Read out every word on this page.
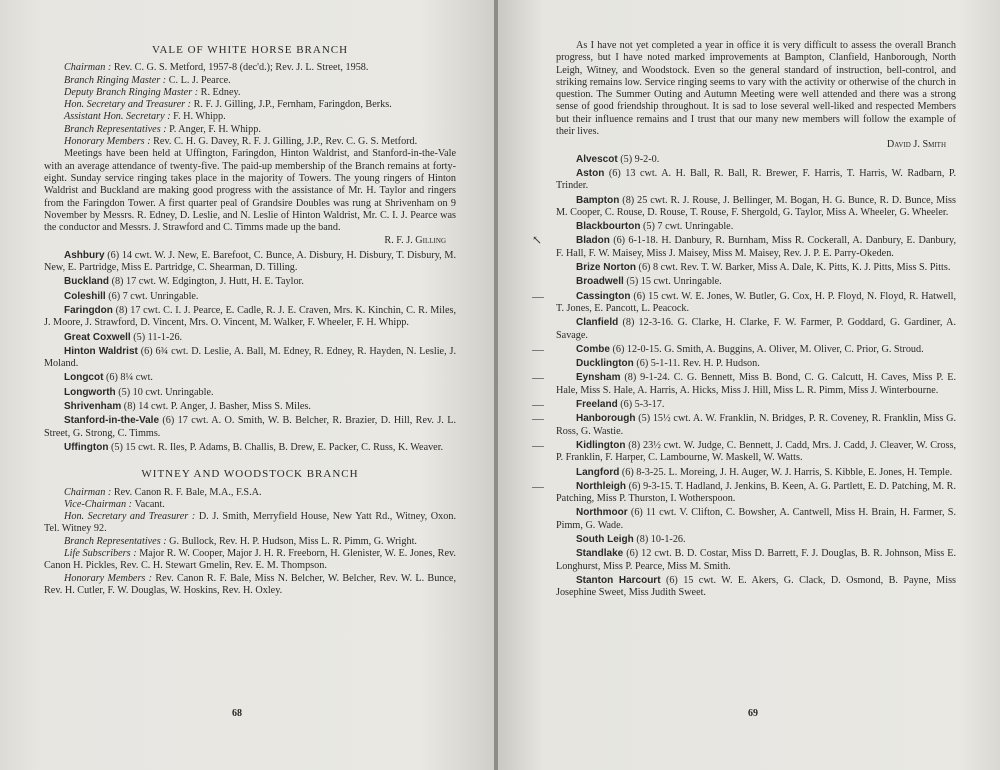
VALE OF WHITE HORSE BRANCH

Chairman : Rev. C. G. S. Metford, 1957-8 (dec'd.); Rev. J. L. Street, 1958.

Branch Ringing Master : C. L. J. Pearce.

Deputy Branch Ringing Master : R. Edney.

Hon. Secretary and Treasurer : R. F. J. Gilling, J.P., Fernham, Faringdon, Berks.

Assistant Hon. Secretary : F. H. Whipp.

Branch Representatives : P. Anger, F. H. Whipp.

Honorary Members : Rev. C. H. G. Davey, R. F. J. Gilling, J.P., Rev. C. G. S. Metford.

Meetings have been held at Uffington, Faringdon, Hinton Waldrist, and Stanford-in-the-Vale with an average attendance of twenty-five. The paid-up membership of the Branch remains at forty-eight. Sunday service ringing takes place in the majority of Towers. The young ringers of Hinton Waldrist and Buckland are making good progress with the assistance of Mr. H. Taylor and ringers from the Faringdon Tower. A first quarter peal of Grandsire Doubles was rung at Shrivenham on 9 November by Messrs. R. Edney, D. Leslie, and N. Leslie of Hinton Waldrist, Mr. C. I. J. Pearce was the conductor and Messrs. J. Strawford and C. Timms made up the band.

R. F. J. Gilling

Ashbury (6) 14 cwt. W. J. New, E. Barefoot, C. Bunce, A. Disbury, H. Disbury, T. Disbury, M. New, E. Partridge, Miss E. Partridge, C. Shearman, D. Tilling.

Buckland (8) 17 cwt. W. Edgington, J. Hutt, H. E. Taylor.

Coleshill (6) 7 cwt. Unringable.

Faringdon (8) 17 cwt. C. I. J. Pearce, E. Cadle, R. J. E. Craven, Mrs. K. Kinchin, C. R. Miles, J. Moore, J. Strawford, D. Vincent, Mrs. O. Vincent, M. Walker, F. Wheeler, F. H. Whipp.

Great Coxwell (5) 11-1-26.

Hinton Waldrist (6) 6¾ cwt. D. Leslie, A. Ball, M. Edney, R. Edney, R. Hayden, N. Leslie, J. Moland.

Longcot (6) 8¼ cwt.

Longworth (5) 10 cwt. Unringable.

Shrivenham (8) 14 cwt. P. Anger, J. Basher, Miss S. Miles.

Stanford-in-the-Vale (6) 17 cwt. A. O. Smith, W. B. Belcher, R. Brazier, D. Hill, Rev. J. L. Street, G. Strong, C. Timms.

Uffington (5) 15 cwt. R. Iles, P. Adams, B. Challis, B. Drew, E. Packer, C. Russ, K. Weaver.

WITNEY AND WOODSTOCK BRANCH

Chairman : Rev. Canon R. F. Bale, M.A., F.S.A.

Vice-Chairman : Vacant.

Hon. Secretary and Treasurer : D. J. Smith, Merryfield House, New Yatt Rd., Witney, Oxon. Tel. Witney 92.

Branch Representatives : G. Bullock, Rev. H. P. Hudson, Miss L. R. Pimm, G. Wright.

Life Subscribers : Major R. W. Cooper, Major J. H. R. Freeborn, H. Glenister, W. E. Jones, Rev. Canon H. Pickles, Rev. C. H. Stewart Gmelin, Rev. E. M. Thompson.

Honorary Members : Rev. Canon R. F. Bale, Miss N. Belcher, W. Belcher, Rev. W. L. Bunce, Rev. H. Cutler, F. W. Douglas, W. Hoskins, Rev. H. Oxley.

68

As I have not yet completed a year in office it is very difficult to assess the overall Branch progress, but I have noted marked improvements at Bampton, Clanfield, Hanborough, North Leigh, Witney, and Woodstock. Even so the general standard of instruction, bell-control, and striking remains low. Service ringing seems to vary with the activity or otherwise of the church in question. The Summer Outing and Autumn Meeting were well attended and there was a strong sense of good friendship throughout. It is sad to lose several well-liked and respected Members but their influence remains and I trust that our many new members will follow the example of their lives.

David J. Smith

Alvescot (5) 9-2-0.

Aston (6) 13 cwt. A. H. Ball, R. Ball, R. Brewer, F. Harris, T. Harris, W. Radbarn, P. Trinder.

Bampton (8) 25 cwt. R. J. Rouse, J. Bellinger, M. Bogan, H. G. Bunce, R. D. Bunce, Miss M. Cooper, C. Rouse, D. Rouse, T. Rouse, F. Shergold, G. Taylor, Miss A. Wheeler, G. Wheeler.

Blackbourton (5) 7 cwt. Unringable.

Bladon (6) 6-1-18. H. Danbury, R. Burnham, Miss R. Cockerall, A. Danbury, E. Danbury, F. Hall, F. W. Maisey, Miss J. Maisey, Miss M. Maisey, Rev. J. P. E. Parry-Okeden.

Brize Norton (6) 8 cwt. Rev. T. W. Barker, Miss A. Dale, K. Pitts, K. J. Pitts, Miss S. Pitts.

Broadwell (5) 15 cwt. Unringable.

Cassington (6) 15 cwt. W. E. Jones, W. Butler, G. Cox, H. P. Floyd, N. Floyd, R. Hatwell, T. Jones, E. Pancott, L. Peacock.

Clanfield (8) 12-3-16. G. Clarke, H. Clarke, F. W. Farmer, P. Goddard, G. Gardiner, A. Savage.

Combe (6) 12-0-15. G. Smith, A. Buggins, A. Oliver, M. Oliver, C. Prior, G. Stroud.

Ducklington (6) 5-1-11. Rev. H. P. Hudson.

Eynsham (8) 9-1-24. C. G. Bennett, Miss B. Bond, C. G. Calcutt, H. Caves, Miss P. E. Hale, Miss S. Hale, A. Harris, A. Hicks, Miss J. Hill, Miss L. R. Pimm, Miss J. Winterbourne.

Freeland (6) 5-3-17.

Hanborough (5) 15½ cwt. A. W. Franklin, N. Bridges, P. R. Coveney, R. Franklin, Miss G. Ross, G. Wastie.

Kidlington (8) 23½ cwt. W. Judge, C. Bennett, J. Cadd, Mrs. J. Cadd, J. Cleaver, W. Cross, P. Franklin, F. Harper, C. Lambourne, W. Maskell, W. Watts.

Langford (6) 8-3-25. L. Moreing, J. H. Auger, W. J. Harris, S. Kibble, E. Jones, H. Temple.

Northleigh (6) 9-3-15. T. Hadland, J. Jenkins, B. Keen, A. G. Partlett, E. D. Patching, M. R. Patching, Miss P. Thurston, I. Wotherspoon.

Northmoor (6) 11 cwt. V. Clifton, C. Bowsher, A. Cantwell, Miss H. Brain, H. Farmer, S. Pimm, G. Wade.

South Leigh (8) 10-1-26.

Standlake (6) 12 cwt. B. D. Costar, Miss D. Barrett, F. J. Douglas, B. R. Johnson, Miss E. Longhurst, Miss P. Pearce, Miss M. Smith.

Stanton Harcourt (6) 15 cwt. W. E. Akers, G. Clack, D. Osmond, B. Payne, Miss Josephine Sweet, Miss Judith Sweet.

69
↖
—
—
—
—
—
—
—
